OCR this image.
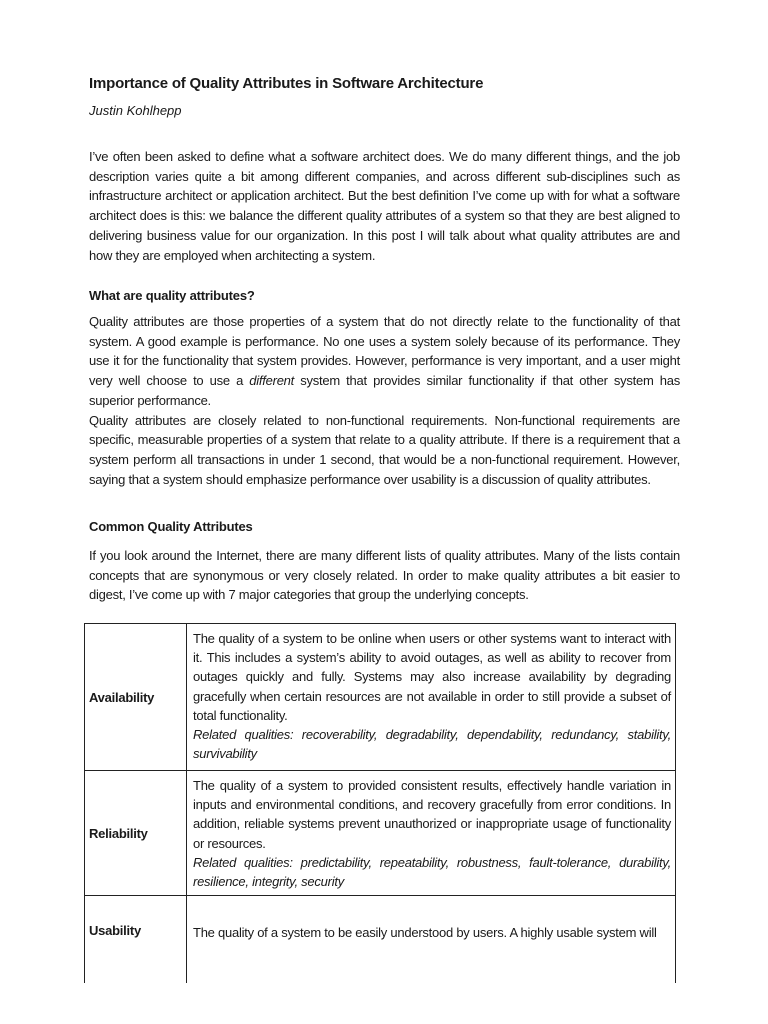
Importance of Quality Attributes in Software Architecture
Justin Kohlhepp
I’ve often been asked to define what a software architect does. We do many different things, and the job description varies quite a bit among different companies, and across different sub-disciplines such as infrastructure architect or application architect. But the best definition I’ve come up with for what a software architect does is this: we balance the different quality attributes of a system so that they are best aligned to delivering business value for our organization. In this post I will talk about what quality attributes are and how they are employed when architecting a system.
What are quality attributes?
Quality attributes are those properties of a system that do not directly relate to the functionality of that system. A good example is performance. No one uses a system solely because of its performance. They use it for the functionality that system provides. However, performance is very important, and a user might very well choose to use a different system that provides similar functionality if that other system has superior performance.
Quality attributes are closely related to non-functional requirements. Non-functional requirements are specific, measurable properties of a system that relate to a quality attribute. If there is a requirement that a system perform all transactions in under 1 second, that would be a non-functional requirement. However, saying that a system should emphasize performance over usability is a discussion of quality attributes.
Common Quality Attributes
If you look around the Internet, there are many different lists of quality attributes. Many of the lists contain concepts that are synonymous or very closely related. In order to make quality attributes a bit easier to digest, I’ve come up with 7 major categories that group the underlying concepts.
Availability	The quality of a system to be online when users or other systems want to interact with it. This includes a system’s ability to avoid outages, as well as ability to recover from outages quickly and fully. Systems may also increase availability by degrading gracefully when certain resources are not available in order to still provide a subset of total functionality.
Related qualities: recoverability, degradability, dependability, redundancy, stability, survivability
Reliability	The quality of a system to provided consistent results, effectively handle variation in inputs and environmental conditions, and recovery gracefully from error conditions. In addition, reliable systems prevent unauthorized or inappropriate usage of functionality or resources.
Related qualities: predictability, repeatability, robustness, fault-tolerance, durability, resilience, integrity, security
Usability	The quality of a system to be easily understood by users. A highly usable system will
